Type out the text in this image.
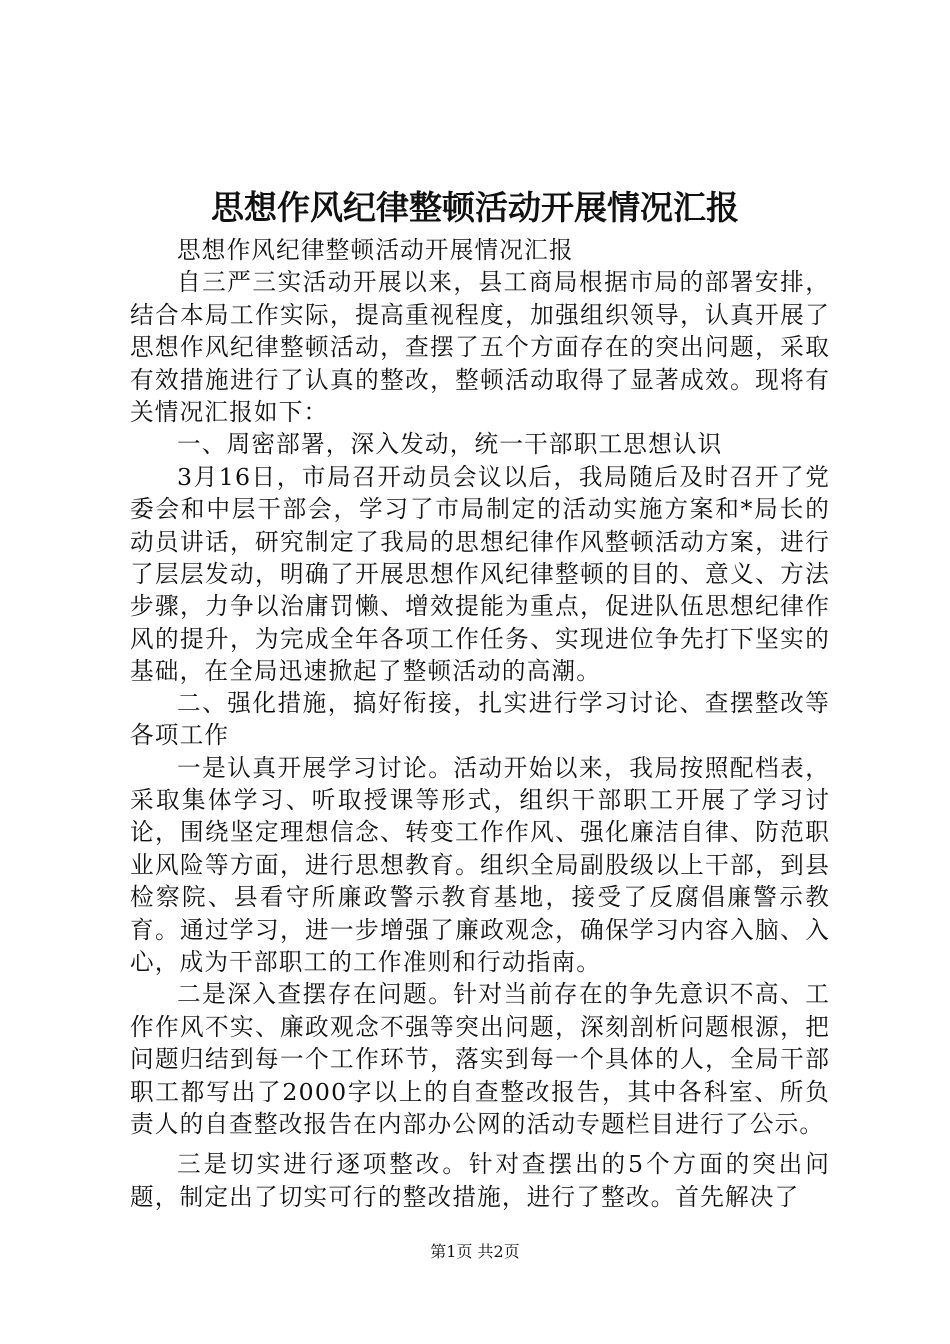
思想作风纪律整顿活动开展情况汇报

思想作风纪律整顿活动开展情况汇报

自三严三实活动开展以来，县工商局根据市局的部署安排，结合本局工作实际，提高重视程度，加强组织领导，认真开展了思想作风纪律整顿活动，查摆了五个方面存在的突出问题，采取有效措施进行了认真的整改，整顿活动取得了显著成效。现将有关情况汇报如下：

一、周密部署，深入发动，统一干部职工思想认识

3月16日，市局召开动员会议以后，我局随后及时召开了党委会和中层干部会，学习了市局制定的活动实施方案和*局长的动员讲话，研究制定了我局的思想纪律作风整顿活动方案，进行了层层发动，明确了开展思想作风纪律整顿的目的、意义、方法步骤，力争以治庸罚懒、增效提能为重点，促进队伍思想纪律作风的提升，为完成全年各项工作任务、实现进位争先打下坚实的基础，在全局迅速掀起了整顿活动的高潮。

二、强化措施，搞好衔接，扎实进行学习讨论、查摆整改等各项工作

一是认真开展学习讨论。活动开始以来，我局按照配档表，采取集体学习、听取授课等形式，组织干部职工开展了学习讨论，围绕坚定理想信念、转变工作作风、强化廉洁自律、防范职业风险等方面，进行思想教育。组织全局副股级以上干部，到县检察院、县看守所廉政警示教育基地，接受了反腐倡廉警示教育。通过学习，进一步增强了廉政观念，确保学习内容入脑、入心，成为干部职工的工作准则和行动指南。

二是深入查摆存在问题。针对当前存在的争先意识不高、工作作风不实、廉政观念不强等突出问题，深刻剖析问题根源，把问题归结到每一个工作环节，落实到每一个具体的人，全局干部职工都写出了2000字以上的自查整改报告，其中各科室、所负责人的自查整改报告在内部办公网的活动专题栏目进行了公示。

三是切实进行逐项整改。针对查摆出的5个方面的突出问题，制定出了切实可行的整改措施，进行了整改。首先解决了

第1页 共2页
